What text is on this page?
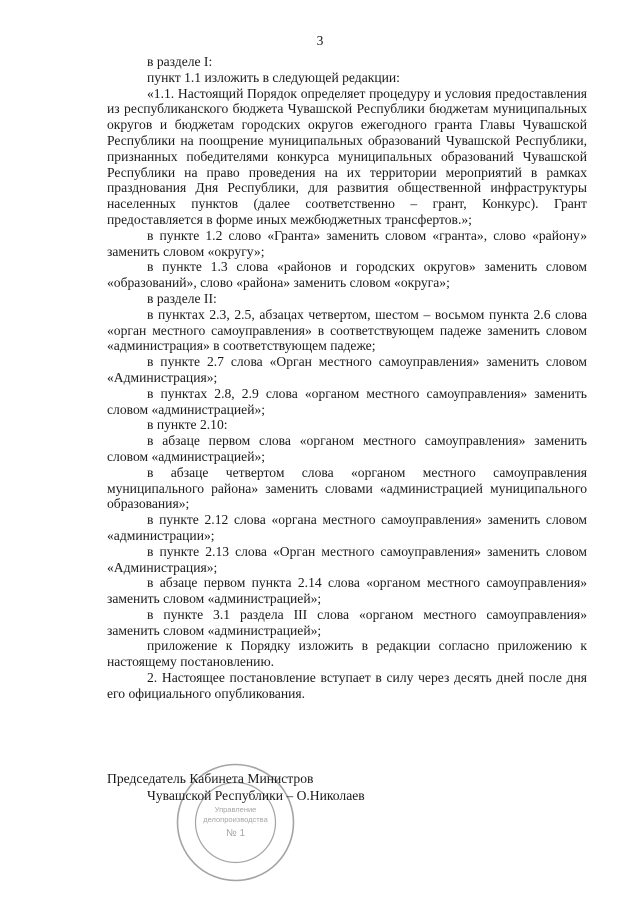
3

в разделе I:

пункт 1.1 изложить в следующей редакции:

«1.1. Настоящий Порядок определяет процедуру и условия предоставления из республиканского бюджета Чувашской Республики бюджетам муниципальных округов и бюджетам городских округов ежегодного гранта Главы Чувашской Республики на поощрение муниципальных образований Чувашской Республики, признанных победителями конкурса муниципальных образований Чувашской Республики на право проведения на их территории мероприятий в рамках празднования Дня Республики, для развития общественной инфраструктуры населенных пунктов (далее соответственно – грант, Конкурс). Грант предоставляется в форме иных межбюджетных трансфертов.»;

в пункте 1.2 слово «Гранта» заменить словом «гранта», слово «району» заменить словом «округу»;

в пункте 1.3 слова «районов и городских округов» заменить словом «образований», слово «района» заменить словом «округа»;

в разделе II:

в пунктах 2.3, 2.5, абзацах четвертом, шестом – восьмом пункта 2.6 слова «орган местного самоуправления» в соответствующем падеже заменить словом «администрация» в соответствующем падеже;

в пункте 2.7 слова «Орган местного самоуправления» заменить словом «Администрация»;

в пунктах 2.8, 2.9 слова «органом местного самоуправления» заменить словом «администрацией»;

в пункте 2.10:

в абзаце первом слова «органом местного самоуправления» заменить словом «администрацией»;

в абзаце четвертом слова «органом местного самоуправления муниципального района» заменить словами «администрацией муниципального образования»;

в пункте 2.12 слова «органа местного самоуправления» заменить словом «администрации»;

в пункте 2.13 слова «Орган местного самоуправления» заменить словом «Администрация»;

в абзаце первом пункта 2.14 слова «органом местного самоуправления» заменить словом «администрацией»;

в пункте 3.1 раздела III слова «органом местного самоуправления» заменить словом «администрацией»;

приложение к Порядку изложить в редакции согласно приложению к настоящему постановлению.

2. Настоящее постановление вступает в силу через десять дней после дня его официального опубликования.

Управление
делопроизводства
№ 1
Председатель Кабинета Министров
Чувашской Республики – О.Николаев
